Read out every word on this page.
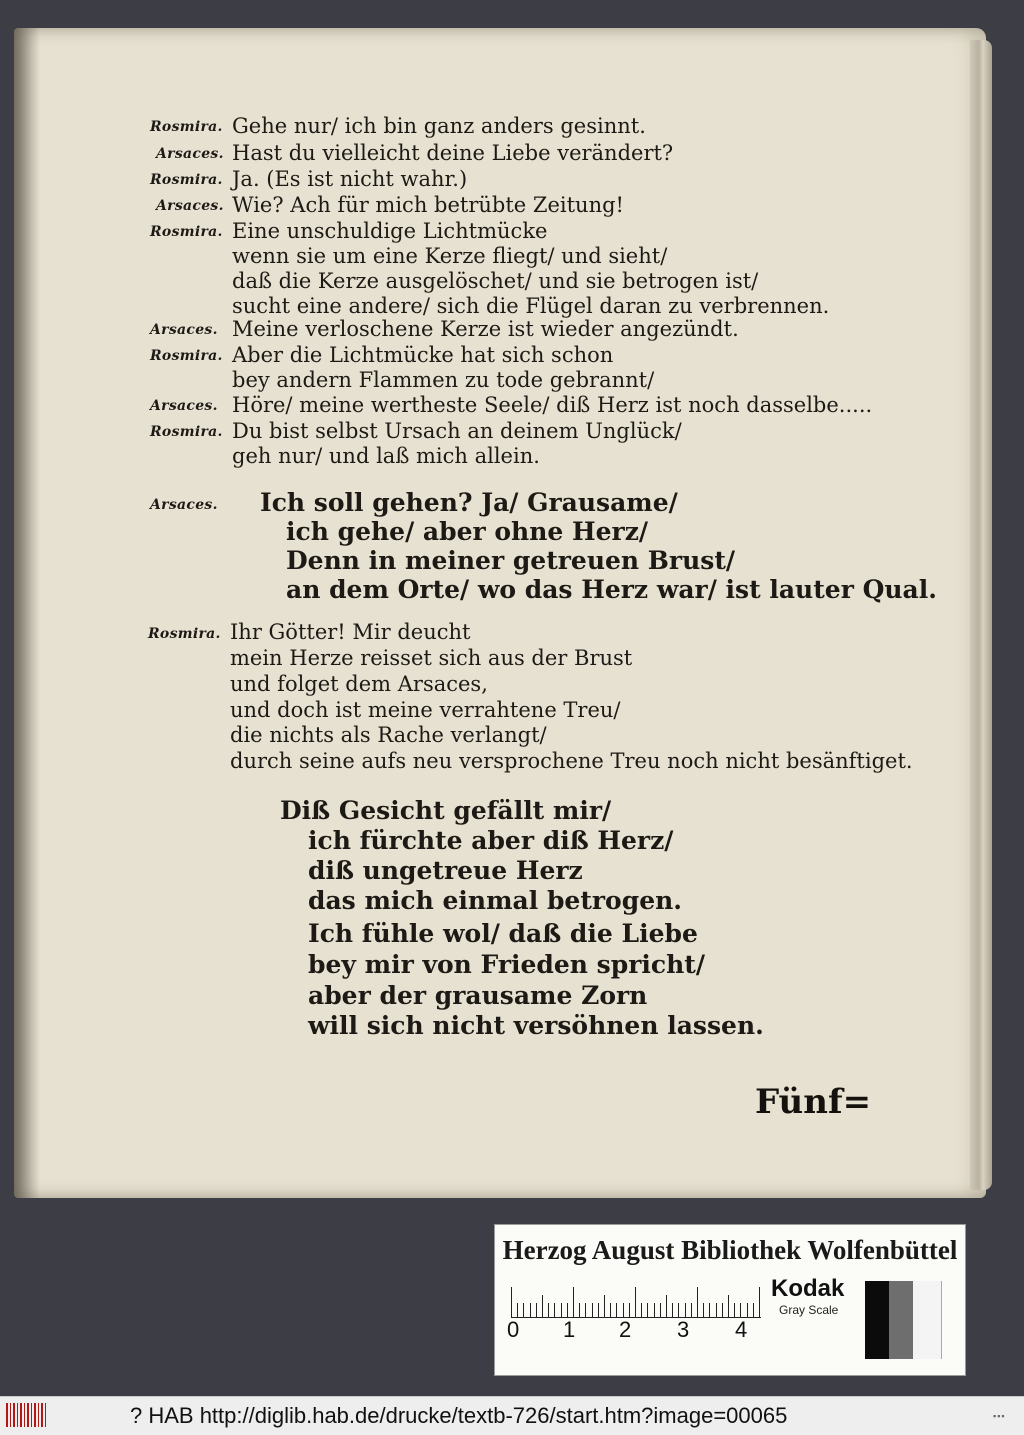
Rosmira. Gehe nur/ ich bin ganz anders gesinnt.
Arsaces. Hast du vielleicht deine Liebe verändert?
Rosmira. Ja. (Es ist nicht wahr.)
Arsaces. Wie? Ach für mich betrübte Zeitung!
Rosmira. Eine unschuldige Lichtmücke
wenn sie um eine Kerze fliegt/ und sieht/
daß die Kerze ausgelöschet/ und sie betrogen ist/
sucht eine andere/ sich die Flügel daran zu verbrennen.
Arsaces. Meine verloschene Kerze ist wieder angezündt.
Rosmira. Aber die Lichtmücke hat sich schon
bey andern Flammen zu tode gebrannt/
Arsaces. Höre/ meine wertheste Seele/ diß Herz ist noch dasselbe.....
Rosmira. Du bist selbst Ursach an deinem Unglück/
geh nur/ und laß mich allein.
Arsaces. Ich soll gehen? Ja/ Grausame/
ich gehe/ aber ohne Herz/
Denn in meiner getreuen Brust/
an dem Orte/ wo das Herz war/ ist lauter Qual.
Rosmira. Ihr Götter! Mir deucht
mein Herze reisset sich aus der Brust
und folget dem Arsaces,
und doch ist meine verrahtene Treu/
die nichts als Rache verlangt/
durch seine aufs neu versprochene Treu noch nicht besänftiget.
Diß Gesicht gefällt mir/
ich fürchte aber diß Herz/
diß ungetreue Herz
das mich einmal betrogen.
Ich fühle wol/ daß die Liebe
bey mir von Frieden spricht/
aber der grausame Zorn
will sich nicht versöhnen lassen.
Fünf=
Herzog August Bibliothek Wolfenbüttel
0 1 2 3 4
Kodak
Gray Scale
? HAB http://diglib.hab.de/drucke/textb-726/start.htm?image=00065	▪▪▪
